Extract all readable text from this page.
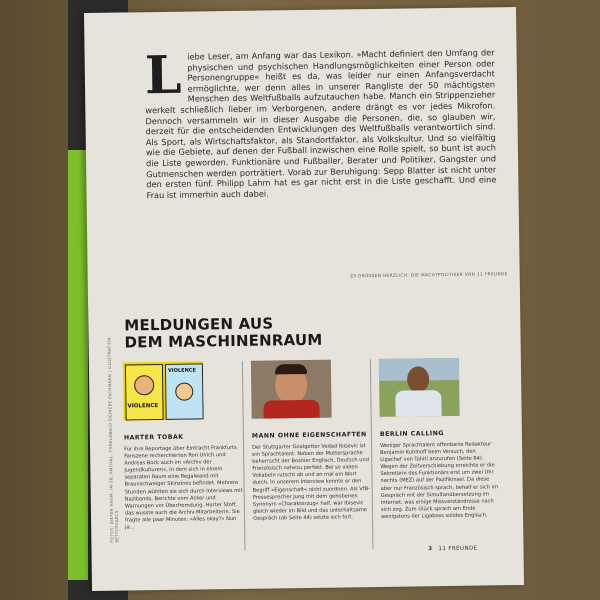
Liebe Leser, am Anfang war das Lexikon. »Macht definiert den Umfang der physischen und psychischen Handlungsmöglichkeiten einer Person oder Personengruppe« heißt es da, was leider nur einen Anfangsverdacht ermöglichte, wer denn alles in unserer Rangliste der 50 mächtigsten Menschen des Weltfußballs aufzutauchen habe. Manch ein Strippenzieher werkelt schließlich lieber im Verborgenen, andere drängt es vor jedes Mikrofon. Dennoch versammeln wir in dieser Ausgabe die Personen, die, so glauben wir, derzeit für die entscheidenden Entwicklungen des Weltfußballs verantwortlich sind. Als Sport, als Wirtschaftsfaktor, als Standortfaktor, als Volkskultur. Und so vielfältig wie die Gebiete, auf denen der Fußball inzwischen eine Rolle spielt, so bunt ist auch die Liste geworden. Funktionäre und Fußballer, Berater und Politiker, Gangster und Gutmenschen werden porträtiert. Vorab zur Beruhigung: Sepp Blatter ist nicht unter den ersten fünf. Philipp Lahm hat es gar nicht erst in die Liste geschafft. Und eine Frau ist immerhin auch dabei.
ES GRÜSSEN HERZLICH: DIE MACHTPOLITIKER VON 11 FREUNDE
FOTOS: DIETER HAUM, IM-2B, AMOVAL, TORELABALO SIEINERE FACHMANN | ILLUSTRATION: BETTYROARCS
MELDUNGEN AUS
DEM MASCHINENRAUM
VIOLENCE
VIOLENCE
HARTER TOBAK
Für ihre Reportage über Eintracht Frankfurts Fanszene recherchierten Ron Ulrich und Andreas Bock auch im »Archiv der Jugendkulturen«, in dem sich in einem separaten Raum eine Regalwand mit Braunschweiger Skinzines befindet. Mehrere Stunden wühlten sie sich durch Interviews mit Nazibands, Berichte vom Acker und Warnungen vor Überfremdung. Harter Stoff, das wusste auch die Archiv-Mitarbeiterin. Sie fragte alle paar Minuten: »Alles okay?« Nun ja…
MANN OHNE EIGENSCHAFTEN
Der Stuttgarter Goalgetter Vedad Ibisevic ist ein Sprachtalent. Neben der Muttersprache beherrscht der Bosnier Englisch, Deutsch und Französisch nahezu perfekt. Bei so vielen Vokabeln rutscht ab und an mal ein Wort durch. In unserem Interview konnte er den Begriff »Eigenschaft« nicht zuordnen. Als VfB-Pressesprecher Jung mit dem gehobenen Synonym »Charakterzug« half, war Ibisevic gleich wieder im Bild und das unterhaltsame Gespräch (ab Seite 44) setzte sich fort.
BERLIN CALLING
Weniger Sprachtalent offenbarte Redakteur Benjamin Kuhlhoff beim Versuch, den Ligachef von Tahiti anzurufen (Seite 84). Wegen der Zeitverschiebung erreichte er die Sekretärin des Funktionärs erst um zwei Uhr nachts (MEZ) auf der Pazifikinsel. Da diese aber nur Französisch sprach, behalf er sich im Gespräch mit der Simultanübersetzung im Internet, was einige Missverständnisse nach sich zog. Zum Glück sprach am Ende wenigstens der Ligaboss solides Englisch.
3 11 FREUNDE
